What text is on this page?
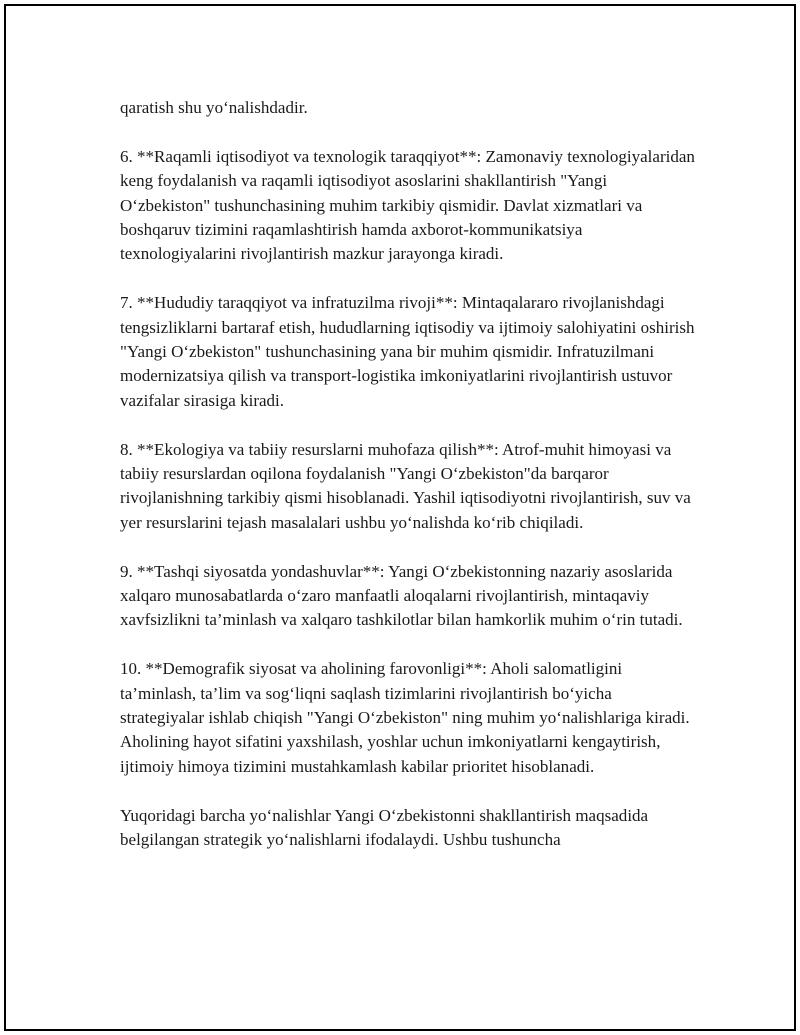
qaratish shu yo‘nalishdadir.

6. **Raqamli iqtisodiyot va texnologik taraqqiyot**: Zamonaviy texnologiyalaridan keng foydalanish va raqamli iqtisodiyot asoslarini shakllantirish "Yangi O‘zbekiston" tushunchasining muhim tarkibiy qismidir. Davlat xizmatlari va boshqaruv tizimini raqamlashtirish hamda axborot-kommunikatsiya texnologiyalarini rivojlantirish mazkur jarayonga kiradi.

7. **Hududiy taraqqiyot va infratuzilma rivoji**: Mintaqalararo rivojlanishdagi tengsizliklarni bartaraf etish, hududlarning iqtisodiy va ijtimoiy salohiyatini oshirish "Yangi O‘zbekiston" tushunchasining yana bir muhim qismidir. Infratuzilmani modernizatsiya qilish va transport-logistika imkoniyatlarini rivojlantirish ustuvor vazifalar sirasiga kiradi.

8. **Ekologiya va tabiiy resurslarni muhofaza qilish**: Atrof-muhit himoyasi va tabiiy resurslardan oqilona foydalanish "Yangi O‘zbekiston"da barqaror rivojlanishning tarkibiy qismi hisoblanadi. Yashil iqtisodiyotni rivojlantirish, suv va yer resurslarini tejash masalalari ushbu yo‘nalishda ko‘rib chiqiladi.

9. **Tashqi siyosatda yondashuvlar**: Yangi O‘zbekistonning nazariy asoslarida xalqaro munosabatlarda o‘zaro manfaatli aloqalarni rivojlantirish, mintaqaviy xavfsizlikni ta’minlash va xalqaro tashkilotlar bilan hamkorlik muhim o‘rin tutadi.

10. **Demografik siyosat va aholining farovonligi**: Aholi salomatligini ta’minlash, ta’lim va sog‘liqni saqlash tizimlarini rivojlantirish bo‘yicha strategiyalar ishlab chiqish "Yangi O‘zbekiston" ning muhim yo‘nalishlariga kiradi. Aholining hayot sifatini yaxshilash, yoshlar uchun imkoniyatlarni kengaytirish, ijtimoiy himoya tizimini mustahkamlash kabilar prioritet hisoblanadi.

Yuqoridagi barcha yo‘nalishlar Yangi O‘zbekistonni shakllantirish maqsadida belgilangan strategik yo‘nalishlarni ifodalaydi. Ushbu tushuncha
